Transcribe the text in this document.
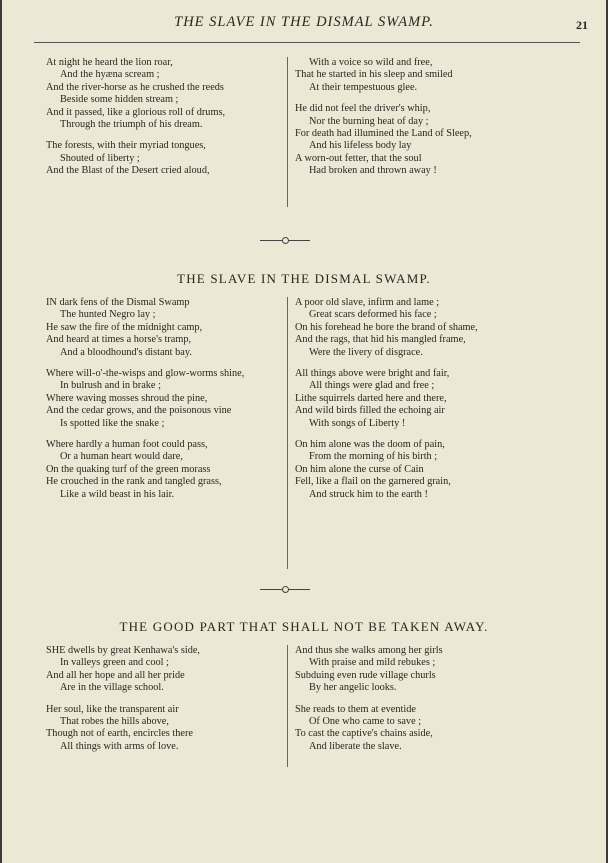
THE SLAVE IN THE DISMAL SWAMP.	21
At night he heard the lion roar,
And the hyæna scream ;
And the river-horse as he crushed the reeds
Beside some hidden stream ;
And it passed, like a glorious roll of drums,
Through the triumph of his dream.
The forests, with their myriad tongues,
Shouted of liberty ;
And the Blast of the Desert cried aloud,
With a voice so wild and free,
That he started in his sleep and smiled
At their tempestuous glee.
He did not feel the driver's whip,
Nor the burning heat of day ;
For death had illumined the Land of Sleep,
And his lifeless body lay
A worn-out fetter, that the soul
Had broken and thrown away !
THE SLAVE IN THE DISMAL SWAMP.
IN dark fens of the Dismal Swamp
The hunted Negro lay ;
He saw the fire of the midnight camp,
And heard at times a horse's tramp,
And a bloodhound's distant bay.
Where will-o'-the-wisps and glow-worms shine,
In bulrush and in brake ;
Where waving mosses shroud the pine,
And the cedar grows, and the poisonous vine
Is spotted like the snake ;
Where hardly a human foot could pass,
Or a human heart would dare,
On the quaking turf of the green morass
He crouched in the rank and tangled grass,
Like a wild beast in his lair.
A poor old slave, infirm and lame ;
Great scars deformed his face ;
On his forehead he bore the brand of shame,
And the rags, that hid his mangled frame,
Were the livery of disgrace.
All things above were bright and fair,
All things were glad and free ;
Lithe squirrels darted here and there,
And wild birds filled the echoing air
With songs of Liberty !
On him alone was the doom of pain,
From the morning of his birth ;
On him alone the curse of Cain
Fell, like a flail on the garnered grain,
And struck him to the earth !
THE GOOD PART THAT SHALL NOT BE TAKEN AWAY.
SHE dwells by great Kenhawa's side,
In valleys green and cool ;
And all her hope and all her pride
Are in the village school.
Her soul, like the transparent air
That robes the hills above,
Though not of earth, encircles there
All things with arms of love.
And thus she walks among her girls
With praise and mild rebukes ;
Subduing even rude village churls
By her angelic looks.
She reads to them at eventide
Of One who came to save ;
To cast the captive's chains aside,
And liberate the slave.
